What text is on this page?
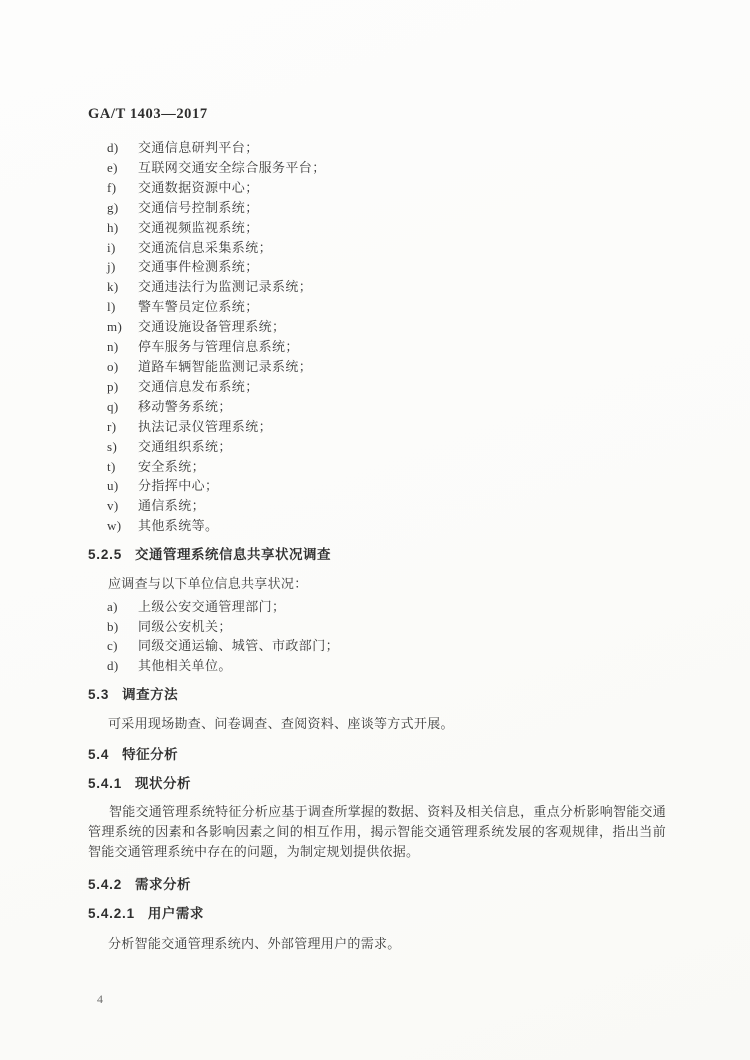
GA/T 1403—2017
d)	交通信息研判平台；
e)	互联网交通安全综合服务平台；
f)	交通数据资源中心；
g)	交通信号控制系统；
h)	交通视频监视系统；
i)	交通流信息采集系统；
j)	交通事件检测系统；
k)	交通违法行为监测记录系统；
l)	警车警员定位系统；
m)	交通设施设备管理系统；
n)	停车服务与管理信息系统；
o)	道路车辆智能监测记录系统；
p)	交通信息发布系统；
q)	移动警务系统；
r)	执法记录仪管理系统；
s)	交通组织系统；
t)	安全系统；
u)	分指挥中心；
v)	通信系统；
w)	其他系统等。
5.2.5 交通管理系统信息共享状况调查
应调查与以下单位信息共享状况：
a)	上级公安交通管理部门；
b)	同级公安机关；
c)	同级交通运输、城管、市政部门；
d)	其他相关单位。
5.3 调查方法
可采用现场勘查、问卷调查、查阅资料、座谈等方式开展。
5.4 特征分析
5.4.1 现状分析
智能交通管理系统特征分析应基于调查所掌握的数据、资料及相关信息，重点分析影响智能交通管理系统的因素和各影响因素之间的相互作用，揭示智能交通管理系统发展的客观规律，指出当前智能交通管理系统中存在的问题，为制定规划提供依据。
5.4.2 需求分析
5.4.2.1 用户需求
分析智能交通管理系统内、外部管理用户的需求。
4
